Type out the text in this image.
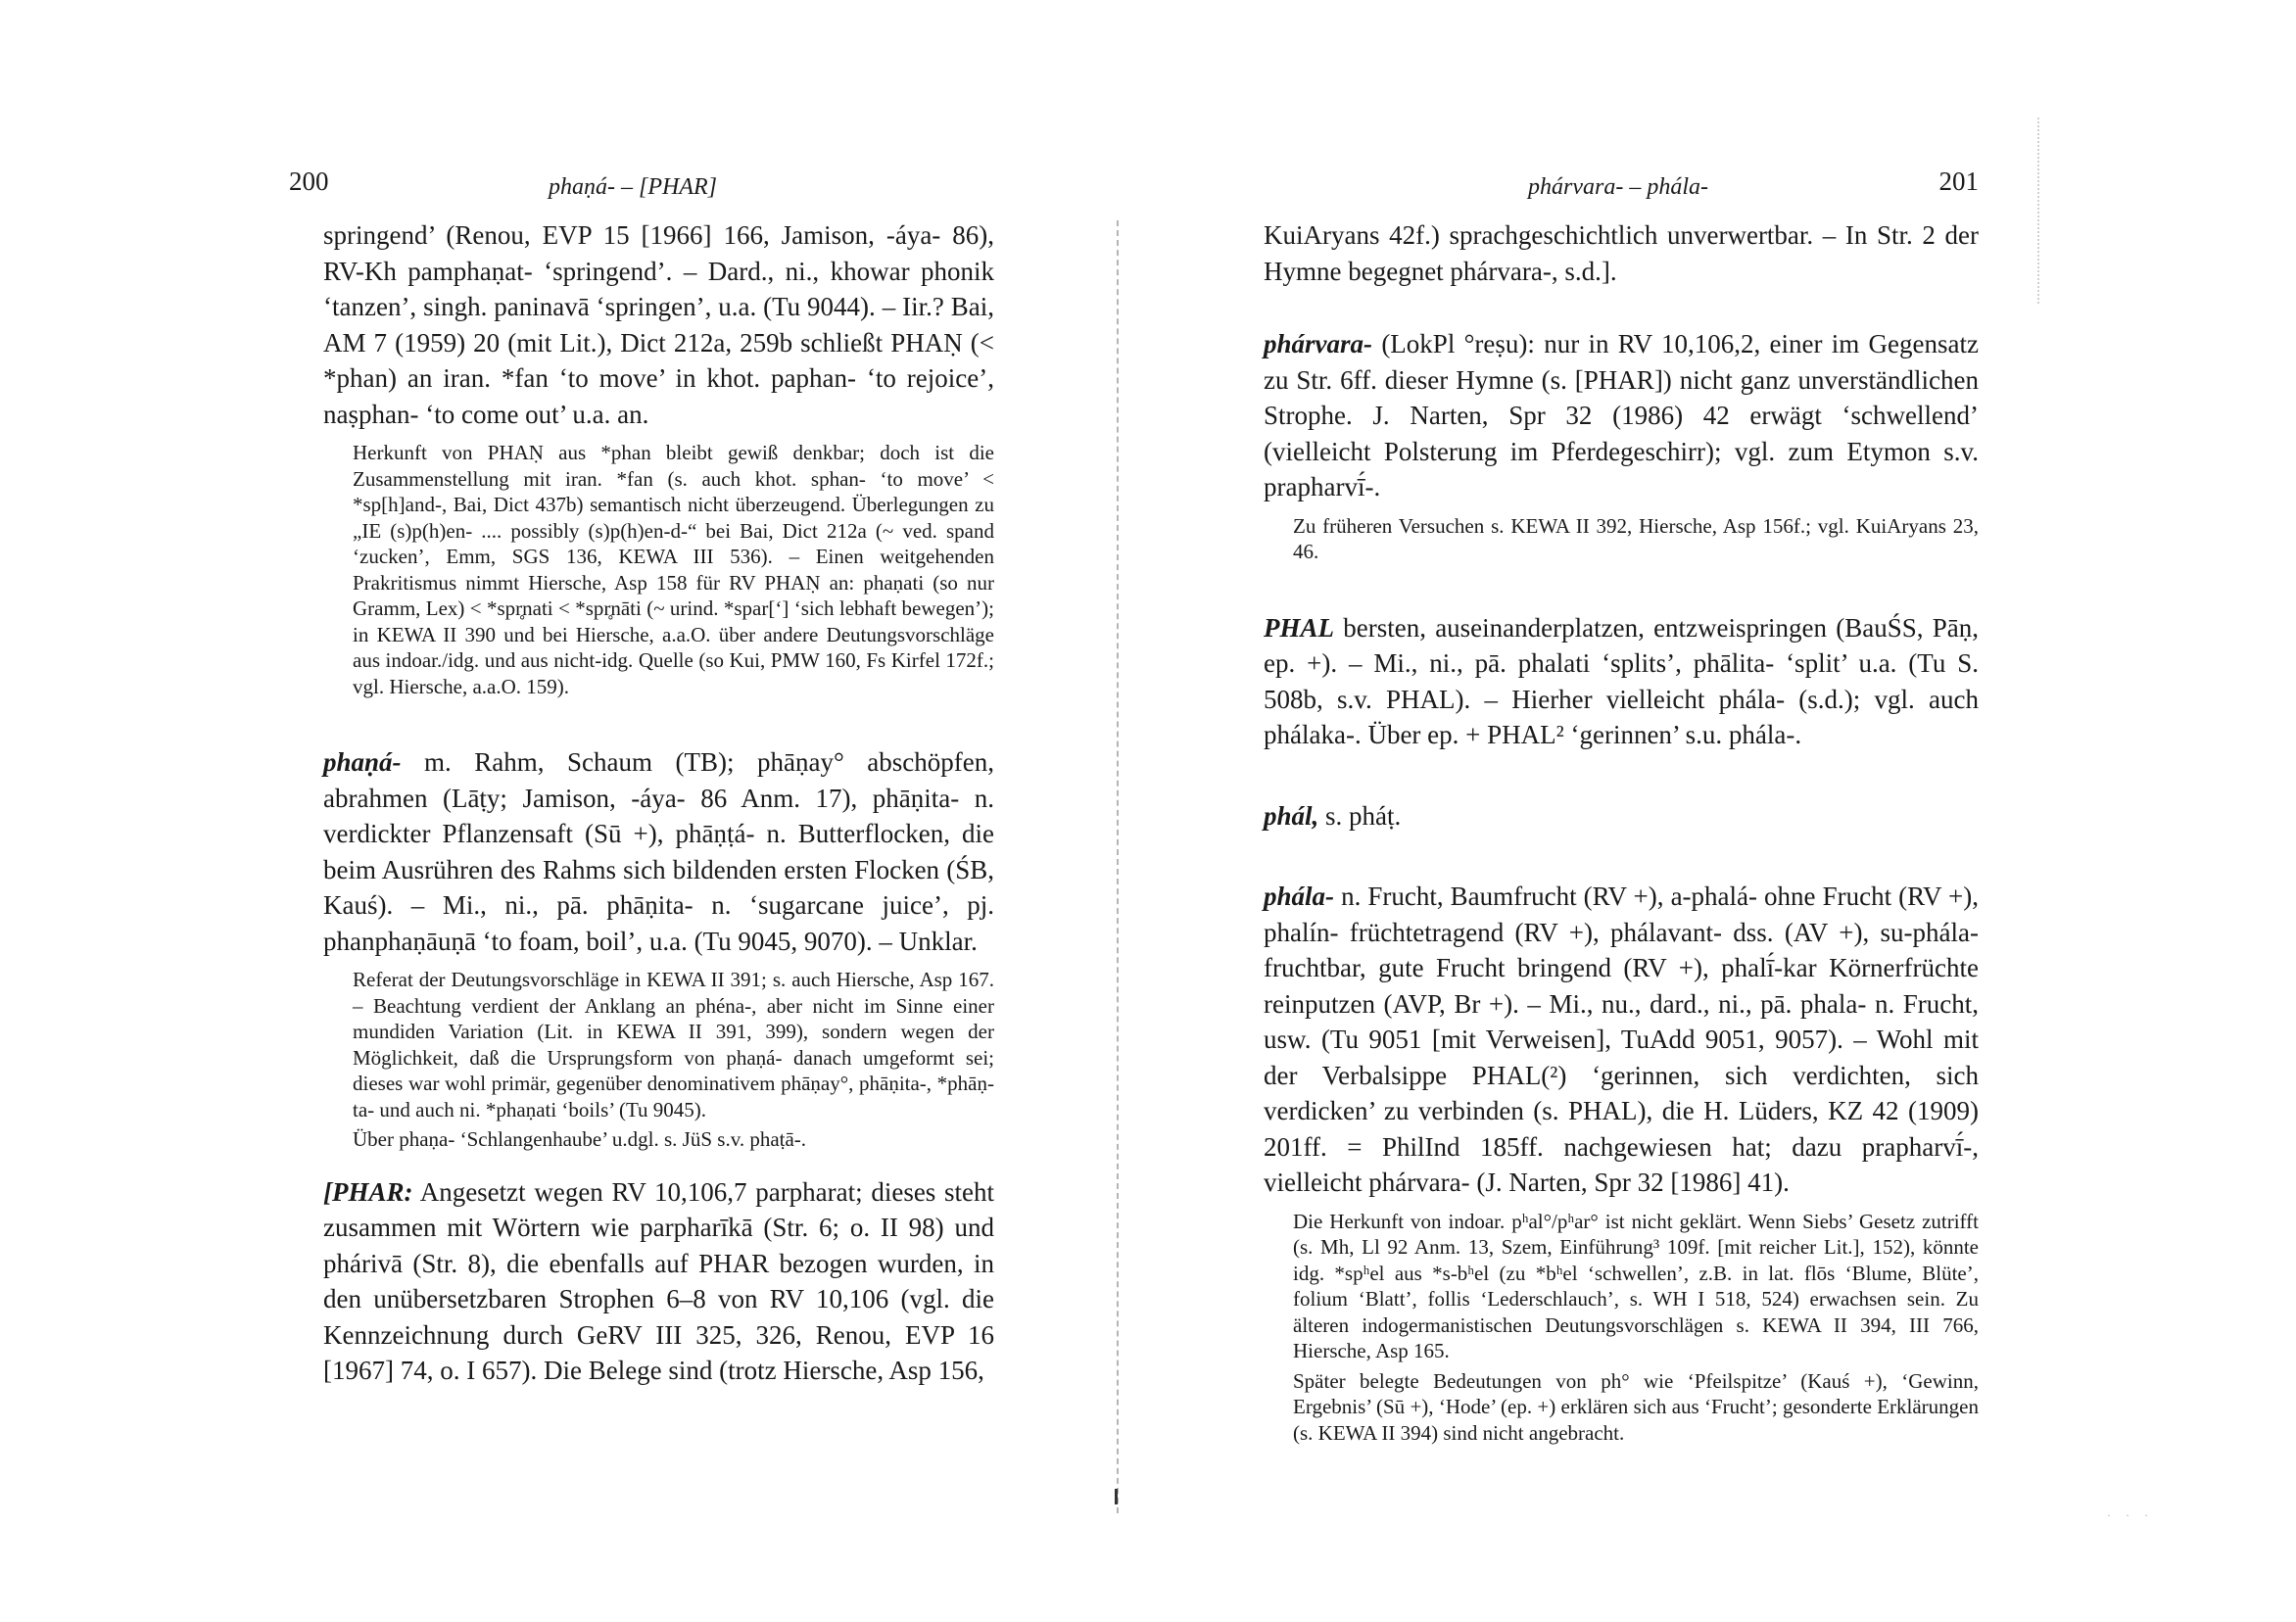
200	phaṇá- – [PHAR]

springend’ (Renou, EVP 15 [1966] 166, Jamison, -áya- 86), RV-Kh pamphaṇat- ‘springend’. – Dard., ni., khowar phonik ‘tanzen’, singh. paninavā ‘springen’, u.a. (Tu 9044). – Iir.? Bai, AM 7 (1959) 20 (mit Lit.), Dict 212a, 259b schließt PHAṆ (< *phan) an iran. *fan ‘to move’ in khot. paphan- ‘to rejoice’, naṣphan- ‘to come out’ u.a. an.

Herkunft von PHAṆ aus *phan bleibt gewiß denkbar; doch ist die Zusammenstellung mit iran. *fan (s. auch khot. sphan- ‘to move’ < *sp[h]and-, Bai, Dict 437b) semantisch nicht überzeugend. Überlegungen zu „IE (s)p(h)en- .... possibly (s)p(h)en-d-“ bei Bai, Dict 212a (~ ved. spand ‘zucken’, Emm, SGS 136, KEWA III 536). – Einen weitgehenden Prakritismus nimmt Hiersche, Asp 158 für RV PHAṆ an: phaṇati (so nur Gramm, Lex) < *spr̥nati < *spr̥nāti (~ urind. *spar[‘] ‘sich lebhaft bewegen’); in KEWA II 390 und bei Hiersche, a.a.O. über andere Deutungsvorschläge aus indoar./idg. und aus nicht-idg. Quelle (so Kui, PMW 160, Fs Kirfel 172f.; vgl. Hiersche, a.a.O. 159).

phaṇá- m. Rahm, Schaum (TB); phāṇay° abschöpfen, abrahmen (Lāṭy; Jamison, -áya- 86 Anm. 17), phāṇita- n. verdickter Pflanzensaft (Sū +), phāṇṭá- n. Butterflocken, die beim Ausrühren des Rahms sich bildenden ersten Flocken (ŚB, Kauś). – Mi., ni., pā. phāṇita- n. ‘sugarcane juice’, pj. phanphaṇāuṇā ‘to foam, boil’, u.a. (Tu 9045, 9070). – Unklar.

Referat der Deutungsvorschläge in KEWA II 391; s. auch Hiersche, Asp 167. – Beachtung verdient der Anklang an phéna-, aber nicht im Sinne einer mundiden Variation (Lit. in KEWA II 391, 399), sondern wegen der Möglichkeit, daß die Ursprungsform von phaṇá- danach umgeformt sei; dieses war wohl primär, gegenüber denominativem phāṇay°, phāṇita-, *phāṇ-ta- und auch ni. *phaṇati ‘boils’ (Tu 9045).

Über phaṇa- ‘Schlangenhaube’ u.dgl. s. JüS s.v. phaṭā-.

[PHAR: Angesetzt wegen RV 10,106,7 parpharat; dieses steht zusammen mit Wörtern wie parpharīkā (Str. 6; o. II 98) und phárivā (Str. 8), die ebenfalls auf PHAR bezogen wurden, in den unübersetzbaren Strophen 6–8 von RV 10,106 (vgl. die Kennzeichnung durch GeRV III 325, 326, Renou, EVP 16 [1967] 74, o. I 657). Die Belege sind (trotz Hiersche, Asp 156,

· · ·
phárvara- – phála-	201

KuiAryans 42f.) sprachgeschichtlich unverwertbar. – In Str. 2 der Hymne begegnet phárvara-, s.d.].

phárvara- (LokPl °reṣu): nur in RV 10,106,2, einer im Gegensatz zu Str. 6ff. dieser Hymne (s. [PHAR]) nicht ganz unverständlichen Strophe. J. Narten, Spr 32 (1986) 42 erwägt ‘schwellend’ (vielleicht Polsterung im Pferdegeschirr); vgl. zum Etymon s.v. prapharvī́-.

Zu früheren Versuchen s. KEWA II 392, Hiersche, Asp 156f.; vgl. KuiAryans 23, 46.

PHAL bersten, auseinanderplatzen, entzweispringen (BauŚS, Pāṇ, ep. +). – Mi., ni., pā. phalati ‘splits’, phālita- ‘split’ u.a. (Tu S. 508b, s.v. PHAL). – Hierher vielleicht phála- (s.d.); vgl. auch phálaka-. Über ep. + PHAL² ‘gerinnen’ s.u. phála-.

phál, s. pháṭ.

phála- n. Frucht, Baumfrucht (RV +), a-phalá- ohne Frucht (RV +), phalín- früchtetragend (RV +), phálavant- dss. (AV +), su-phála- fruchtbar, gute Frucht bringend (RV +), phalī́-kar Körnerfrüchte reinputzen (AVP, Br +). – Mi., nu., dard., ni., pā. phala- n. Frucht, usw. (Tu 9051 [mit Verweisen], TuAdd 9051, 9057). – Wohl mit der Verbalsippe PHAL(²) ‘gerinnen, sich verdichten, sich verdicken’ zu verbinden (s. PHAL), die H. Lüders, KZ 42 (1909) 201ff. = PhilInd 185ff. nachgewiesen hat; dazu prapharvī́-, vielleicht phárvara- (J. Narten, Spr 32 [1986] 41).

Die Herkunft von indoar. pʰal°/pʰar° ist nicht geklärt. Wenn Siebs’ Gesetz zutrifft (s. Mh, Ll 92 Anm. 13, Szem, Einführung³ 109f. [mit reicher Lit.], 152), könnte idg. *spʰel aus *s-bʰel (zu *bʰel ‘schwellen’, z.B. in lat. flōs ‘Blume, Blüte’, folium ‘Blatt’, follis ‘Lederschlauch’, s. WH I 518, 524) erwachsen sein. Zu älteren indogermanistischen Deutungsvorschlägen s. KEWA II 394, III 766, Hiersche, Asp 165.

Später belegte Bedeutungen von ph° wie ‘Pfeilspitze’ (Kauś +), ‘Gewinn, Ergebnis’ (Sū +), ‘Hode’ (ep. +) erklären sich aus ‘Frucht’; gesonderte Erklärungen (s. KEWA II 394) sind nicht angebracht.
